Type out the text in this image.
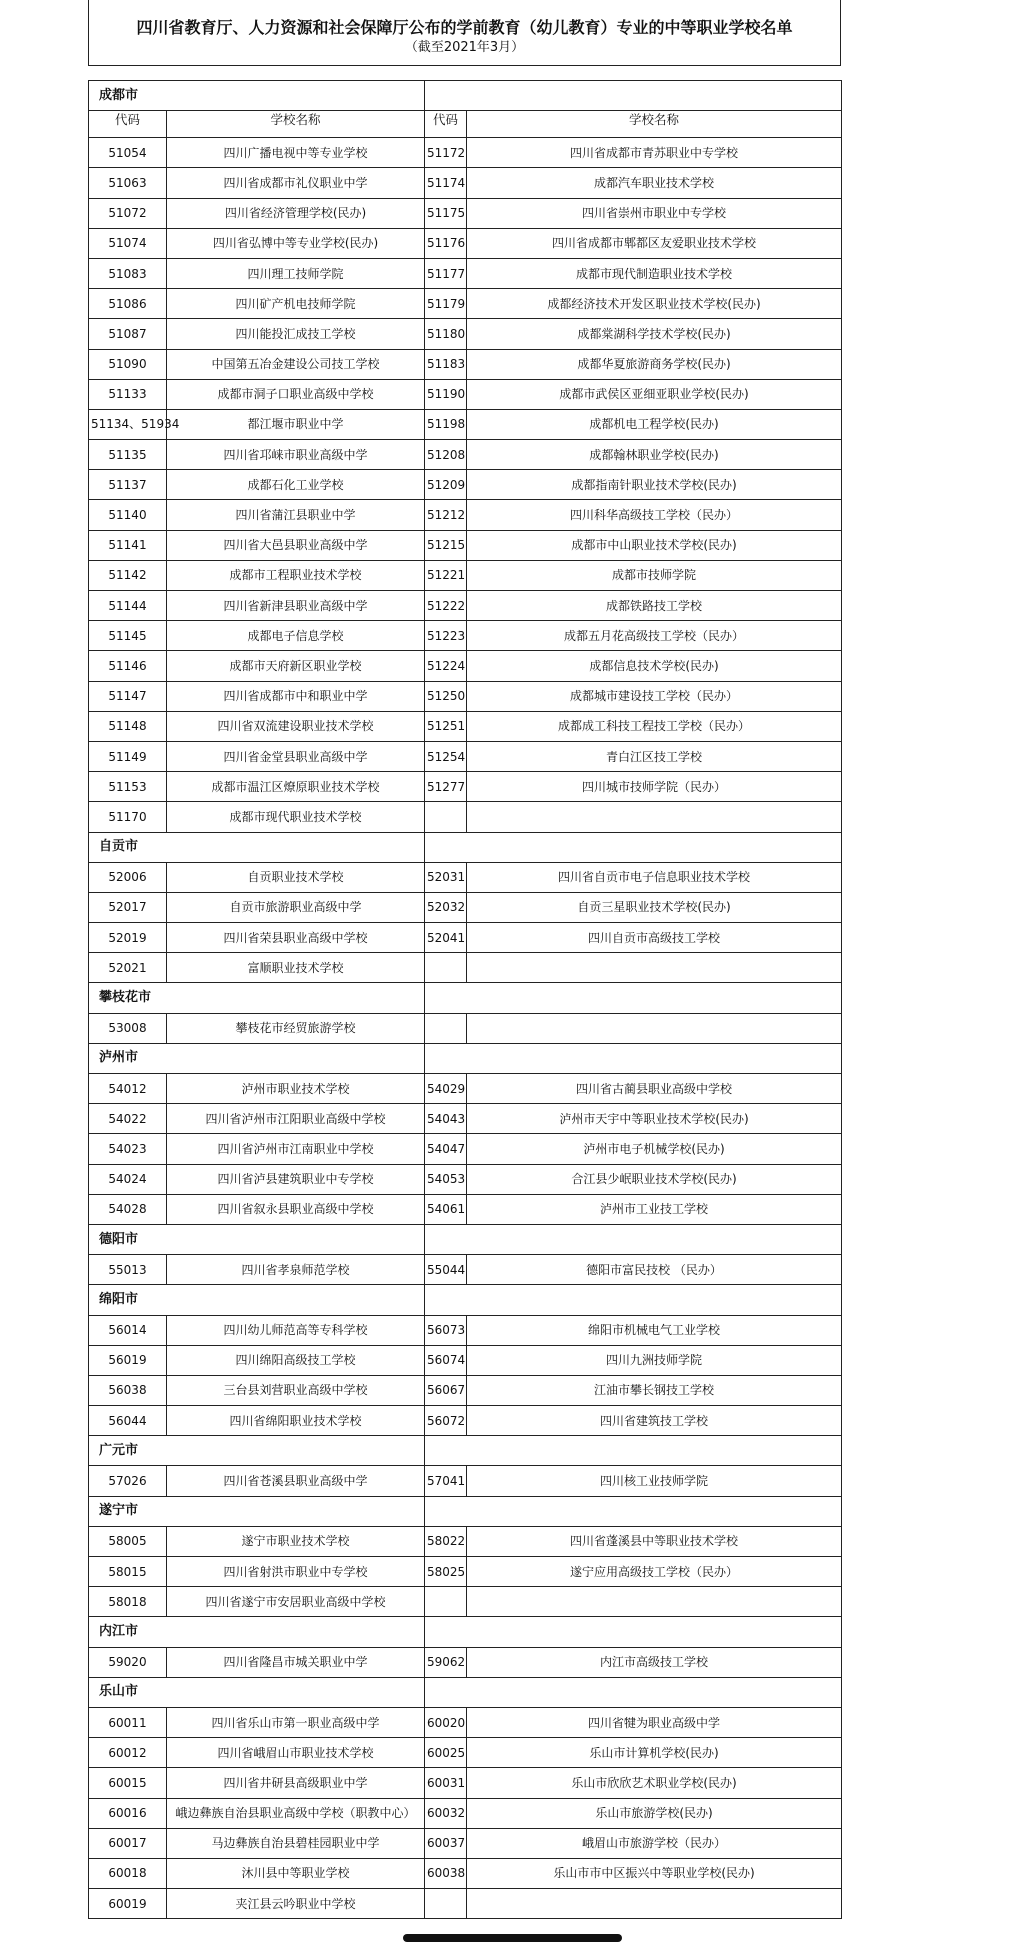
四川省教育厅、人力资源和社会保障厅公布的学前教育（幼儿教育）专业的中等职业学校名单
（截至2021年3月）
成都市			
代码	学校名称	代码	学校名称
51054	四川广播电视中等专业学校	51172	四川省成都市青苏职业中专学校
51063	四川省成都市礼仪职业中学	51174	成都汽车职业技术学校
51072	四川省经济管理学校(民办)	51175	四川省崇州市职业中专学校
51074	四川省弘博中等专业学校(民办)	51176	四川省成都市郫都区友爱职业技术学校
51083	四川理工技师学院	51177	成都市现代制造职业技术学校
51086	四川矿产机电技师学院	51179	成都经济技术开发区职业技术学校(民办)
51087	四川能投汇成技工学校	51180	成都棠湖科学技术学校(民办)
51090	中国第五冶金建设公司技工学校	51183	成都华夏旅游商务学校(民办)
51133	成都市洞子口职业高级中学校	51190	成都市武侯区亚细亚职业学校(民办)
51134、51934	都江堰市职业中学	51198	成都机电工程学校(民办)
51135	四川省邛崃市职业高级中学	51208	成都翰林职业学校(民办)
51137	成都石化工业学校	51209	成都指南针职业技术学校(民办)
51140	四川省蒲江县职业中学	51212	四川科华高级技工学校（民办）
51141	四川省大邑县职业高级中学	51215	成都市中山职业技术学校(民办)
51142	成都市工程职业技术学校	51221	成都市技师学院
51144	四川省新津县职业高级中学	51222	成都铁路技工学校
51145	成都电子信息学校	51223	成都五月花高级技工学校（民办）
51146	成都市天府新区职业学校	51224	成都信息技术学校(民办)
51147	四川省成都市中和职业中学	51250	成都城市建设技工学校（民办）
51148	四川省双流建设职业技术学校	51251	成都成工科技工程技工学校（民办）
51149	四川省金堂县职业高级中学	51254	青白江区技工学校
51153	成都市温江区燎原职业技术学校	51277	四川城市技师学院（民办）
51170	成都市现代职业技术学校		
自贡市			
52006	自贡职业技术学校	52031	四川省自贡市电子信息职业技术学校
52017	自贡市旅游职业高级中学	52032	自贡三星职业技术学校(民办)
52019	四川省荣县职业高级中学校	52041	四川自贡市高级技工学校
52021	富顺职业技术学校		
攀枝花市			
53008	攀枝花市经贸旅游学校		
泸州市			
54012	泸州市职业技术学校	54029	四川省古蔺县职业高级中学校
54022	四川省泸州市江阳职业高级中学校	54043	泸州市天宇中等职业技术学校(民办)
54023	四川省泸州市江南职业中学校	54047	泸州市电子机械学校(民办)
54024	四川省泸县建筑职业中专学校	54053	合江县少岷职业技术学校(民办)
54028	四川省叙永县职业高级中学校	54061	泸州市工业技工学校
德阳市			
55013	四川省孝泉师范学校	55044	德阳市富民技校 （民办）
绵阳市			
56014	四川幼儿师范高等专科学校	56073	绵阳市机械电气工业学校
56019	四川绵阳高级技工学校	56074	四川九洲技师学院
56038	三台县刘营职业高级中学校	56067	江油市攀长钢技工学校
56044	四川省绵阳职业技术学校	56072	四川省建筑技工学校
广元市			
57026	四川省苍溪县职业高级中学	57041	四川核工业技师学院
遂宁市			
58005	遂宁市职业技术学校	58022	四川省蓬溪县中等职业技术学校
58015	四川省射洪市职业中专学校	58025	遂宁应用高级技工学校（民办）
58018	四川省遂宁市安居职业高级中学校		
内江市			
59020	四川省隆昌市城关职业中学	59062	内江市高级技工学校
乐山市			
60011	四川省乐山市第一职业高级中学	60020	四川省犍为职业高级中学
60012	四川省峨眉山市职业技术学校	60025	乐山市计算机学校(民办)
60015	四川省井研县高级职业中学	60031	乐山市欣欣艺术职业学校(民办)
60016	峨边彝族自治县职业高级中学校（职教中心）	60032	乐山市旅游学校(民办)
60017	马边彝族自治县碧桂园职业中学	60037	峨眉山市旅游学校（民办）
60018	沐川县中等职业学校	60038	乐山市市中区振兴中等职业学校(民办)
60019	夹江县云吟职业中学校		
